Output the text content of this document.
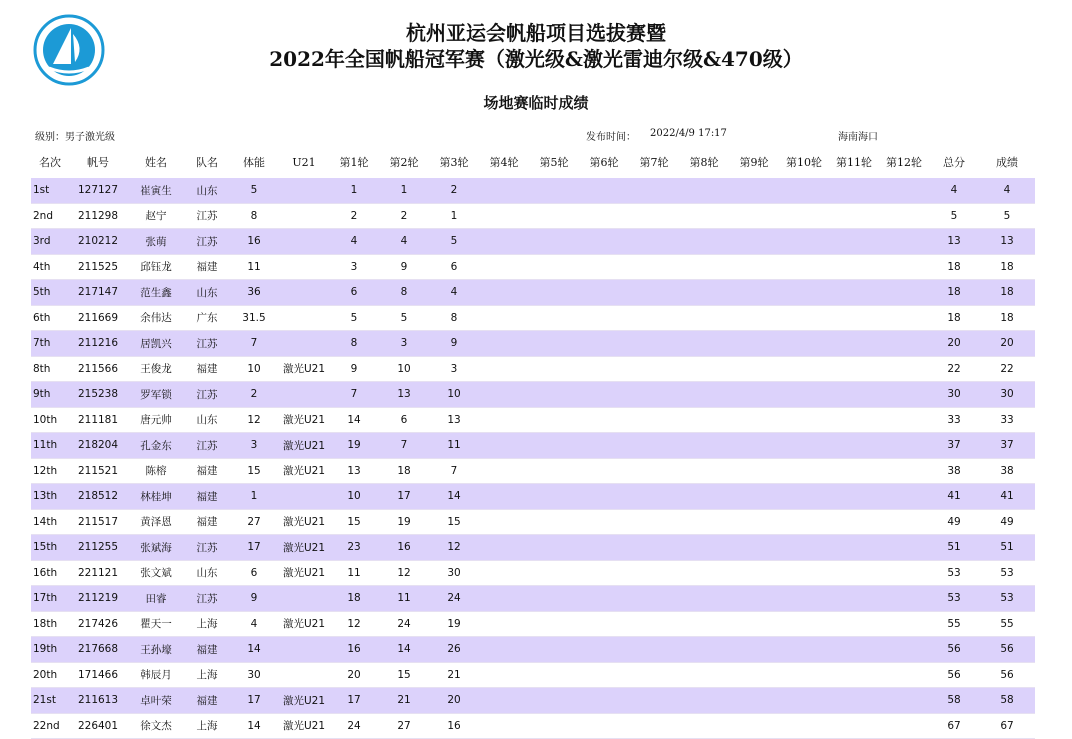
杭州亚运会帆船项目选拔赛暨
2022年全国帆船冠军赛（激光级&激光雷迪尔级&470级）
场地赛临时成绩
级别：男子激光级	发布时间： 2022/4/9 17:17	海南海口
名次	帆号	姓名	队名	体能	U21	第1轮	第2轮	第3轮	第4轮	第5轮	第6轮	第7轮	第8轮	第9轮	第10轮	第11轮	第12轮	总分	成绩
1st	127127	崔寅生	山东	5		1	1	2										4	4
2nd	211298	赵宁	江苏	8		2	2	1										5	5
3rd	210212	张萌	江苏	16		4	4	5										13	13
4th	211525	邱钰龙	福建	11		3	9	6										18	18
5th	217147	范生鑫	山东	36		6	8	4										18	18
6th	211669	余伟达	广东	31.5		5	5	8										18	18
7th	211216	居凯兴	江苏	7		8	3	9										20	20
8th	211566	王俊龙	福建	10	激光U21	9	10	3										22	22
9th	215238	罗军锁	江苏	2		7	13	10										30	30
10th	211181	唐元帅	山东	12	激光U21	14	6	13										33	33
11th	218204	孔金东	江苏	3	激光U21	19	7	11										37	37
12th	211521	陈榕	福建	15	激光U21	13	18	7										38	38
13th	218512	林桂坤	福建	1		10	17	14										41	41
14th	211517	黄泽恩	福建	27	激光U21	15	19	15										49	49
15th	211255	张斌海	江苏	17	激光U21	23	16	12										51	51
16th	221121	张文斌	山东	6	激光U21	11	12	30										53	53
17th	211219	田睿	江苏	9		18	11	24										53	53
18th	217426	瞿天一	上海	4	激光U21	12	24	19										55	55
19th	217668	王孙壕	福建	14		16	14	26										56	56
20th	171466	韩辰月	上海	30		20	15	21										56	56
21st	211613	卓叶荣	福建	17	激光U21	17	21	20										58	58
22nd	226401	徐文杰	上海	14	激光U21	24	27	16										67	67
